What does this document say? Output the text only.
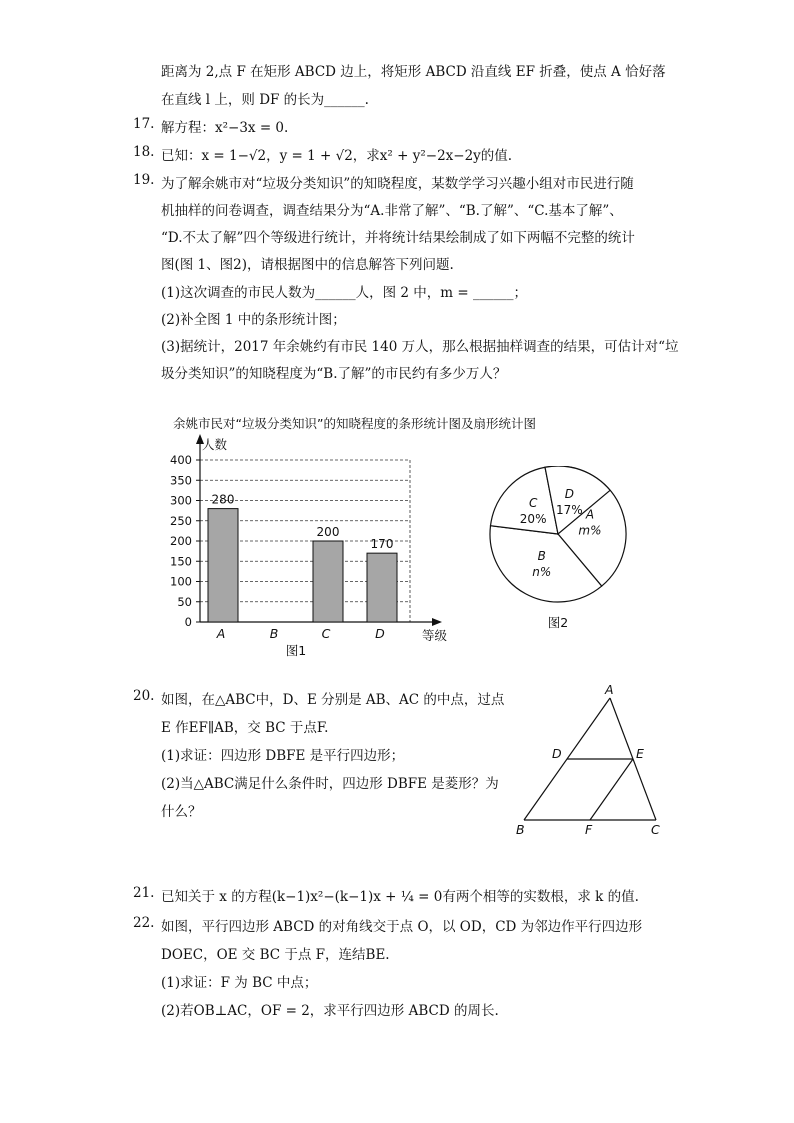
距离为 2,点 F 在矩形 ABCD 边上，将矩形 ABCD 沿直线 EF 折叠，使点 A 恰好落
在直线 l 上，则 DF 的长为______.
17. 解方程：x²−3x = 0.
18. 已知：x = 1−√2，y = 1 + √2，求x² + y²−2x−2y的值.
19. 为了解余姚市对“垃圾分类知识”的知晓程度，某数学学习兴趣小组对市民进行随
机抽样的问卷调查，调查结果分为“A.非常了解”、“B.了解”、“C.基本了解”、
“D.不太了解”四个等级进行统计，并将统计结果绘制成了如下两幅不完整的统计
图(图 1、图2)，请根据图中的信息解答下列问题.
(1)这次调查的市民人数为______人，图 2 中，m = ______；
(2)补全图 1 中的条形统计图；
(3)据统计，2017 年余姚约有市民 140 万人，那么根据抽样调查的结果，可估计对“垃
圾分类知识”的知晓程度为“B.了解”的市民约有多少万人？
余姚市民对“垃圾分类知识”的知晓程度的条形统计图及扇形统计图
0
50
100
150
200
250
300
350
400
人数
等级
280
A	B
200
C
170
D
图1
A
m%
B
n%
C
20%
D
17%
图2
20. 如图，在△ABC中，D、E 分别是 AB、AC 的中点，过点
E 作EF∥AB，交 BC 于点F.
(1)求证：四边形 DBFE 是平行四边形；
(2)当△ABC满足什么条件时，四边形 DBFE 是菱形？为
什么？
A
D	E
B	F	C
21. 已知关于 x 的方程(k−1)x²−(k−1)x + ¼ = 0有两个相等的实数根，求 k 的值.
22. 如图，平行四边形 ABCD 的对角线交于点 O，以 OD，CD 为邻边作平行四边形
DOEC，OE 交 BC 于点 F，连结BE.
(1)求证：F 为 BC 中点；
(2)若OB⊥AC，OF = 2，求平行四边形 ABCD 的周长.
